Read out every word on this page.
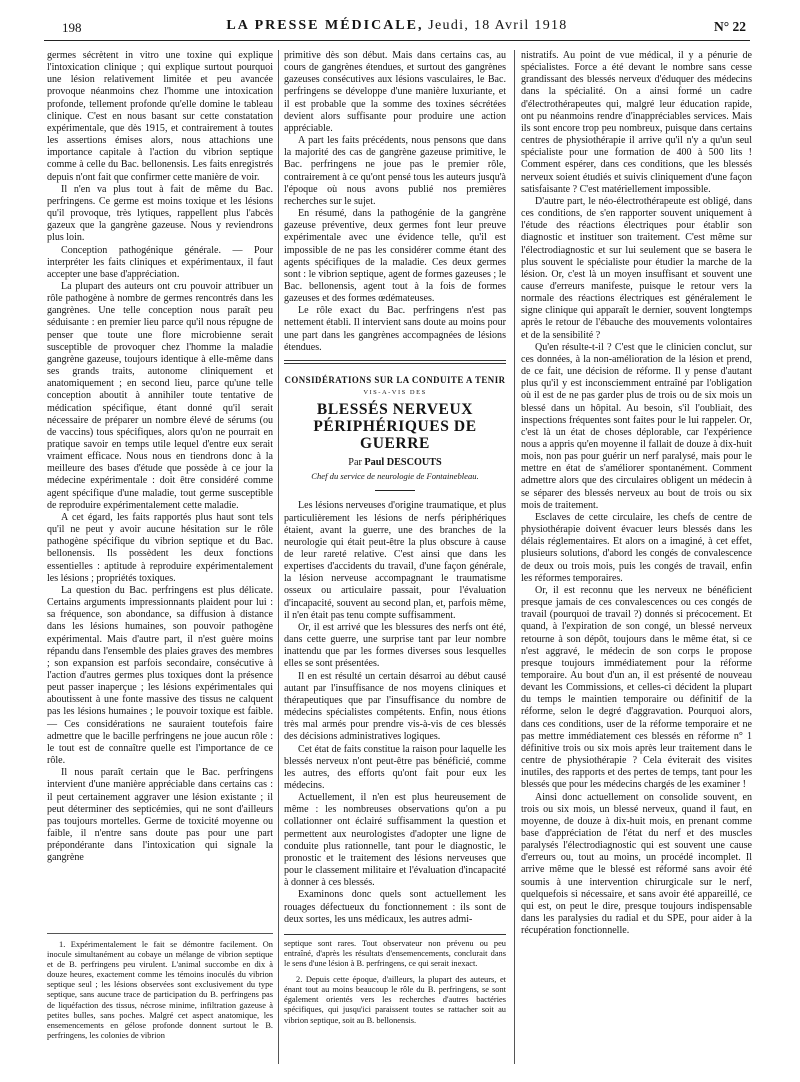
198	LA PRESSE MÉDICALE, Jeudi, 18 Avril 1918	N° 22

germes sécrètent in vitro une toxine qui explique l'intoxication clinique ; qui explique surtout pourquoi une lésion relativement limitée et peu avancée provoque néanmoins chez l'homme une intoxication profonde, tellement profonde qu'elle domine le tableau clinique. C'est en nous basant sur cette constatation expérimentale, que dès 1915, et contrairement à toutes les assertions émises alors, nous attachions une importance capitale à l'action du vibrion septique comme à celle du Bac. bellonensis. Les faits enregistrés depuis n'ont fait que confirmer cette manière de voir.

Il n'en va plus tout à fait de même du Bac. perfringens. Ce germe est moins toxique et les lésions qu'il provoque, très lytiques, rappellent plus l'abcès gazeux que la gangrène gazeuse. Nous y reviendrons plus loin.

Conception pathogénique générale. — Pour interpréter les faits cliniques et expérimentaux, il faut accepter une base d'appréciation.

La plupart des auteurs ont cru pouvoir attribuer un rôle pathogène à nombre de germes rencontrés dans les gangrènes. Une telle conception nous paraît peu séduisante : en premier lieu parce qu'il nous répugne de penser que toute une flore microbienne serait susceptible de provoquer chez l'homme la maladie gangrène gazeuse, toujours identique à elle-même dans ses grands traits, autonome cliniquement et anatomiquement ; en second lieu, parce qu'une telle conception aboutit à annihiler toute tentative de médication spécifique, étant donné qu'il serait nécessaire de préparer un nombre élevé de sérums (ou de vaccins) tous spécifiques, alors qu'on ne pourrait en pratique savoir en temps utile lequel d'entre eux serait vraiment efficace. Nous nous en tiendrons donc à la meilleure des bases d'étude que possède à ce jour la médecine expérimentale : doit être considéré comme agent spécifique d'une maladie, tout germe susceptible de reproduire expérimentalement cette maladie.

A cet égard, les faits rapportés plus haut sont tels qu'il ne peut y avoir aucune hésitation sur le rôle pathogène spécifique du vibrion septique et du Bac. bellonensis. Ils possèdent les deux fonctions essentielles : aptitude à reproduire expérimentalement les lésions ; propriétés toxiques.

La question du Bac. perfringens est plus délicate. Certains arguments impressionnants plaident pour lui : sa fréquence, son abondance, sa diffusion à distance dans les lésions humaines, son pouvoir pathogène expérimental. Mais d'autre part, il n'est guère moins répandu dans l'ensemble des plaies graves des membres ; son expansion est parfois secondaire, consécutive à l'action d'autres germes plus toxiques dont la présence peut passer inaperçue ; les lésions expérimentales qui aboutissent à une fonte massive des tissus ne calquent pas les lésions humaines ; le pouvoir toxique est faible. — Ces considérations ne sauraient toutefois faire admettre que le bacille perfringens ne joue aucun rôle : le tout est de connaître quelle est l'importance de ce rôle.

Il nous paraît certain que le Bac. perfringens intervient d'une manière appréciable dans certains cas : il peut certainement aggraver une lésion existante ; il peut déterminer des septicémies, qui ne sont d'ailleurs pas toujours mortelles. Germe de toxicité moyenne ou faible, il n'entre sans doute pas pour une part prépondérante dans l'intoxication qui signale la gangrène

1. Expérimentalement le fait se démontre facilement. On inocule simultanément au cobaye un mélange de vibrion septique et de B. perfringens peu virulent. L'animal succombe en dix à douze heures, exactement comme les témoins inoculés du vibrion septique seul ; les lésions observées sont exclusivement du type septique, sans aucune trace de participation du B. perfringens pas de liquéfaction des tissus, nécrose minime, infiltration gazeuse à petites bulles, sans poches. Malgré cet aspect anatomique, les ensemencements en gélose profonde donnent surtout le B. perfringens, les colonies de vibrion

primitive dès son début. Mais dans certains cas, au cours de gangrènes étendues, et surtout des gangrènes gazeuses consécutives aux lésions vasculaires, le Bac. perfringens se développe d'une manière luxuriante, et il est probable que la somme des toxines sécrétées devient alors suffisante pour produire une action appréciable.

A part les faits précédents, nous pensons que dans la majorité des cas de gangrène gazeuse primitive, le Bac. perfringens ne joue pas le premier rôle, contrairement à ce qu'ont pensé tous les auteurs jusqu'à l'époque où nous avons publié nos premières recherches sur le sujet.

En résumé, dans la pathogénie de la gangrène gazeuse préventive, deux germes font leur preuve expérimentale avec une évidence telle, qu'il est impossible de ne pas les considérer comme étant des agents spécifiques de la maladie. Ces deux germes sont : le vibrion septique, agent de formes gazeuses ; le Bac. bellonensis, agent tout à la fois de formes gazeuses et des formes œdémateuses.

Le rôle exact du Bac. perfringens n'est pas nettement établi. Il intervient sans doute au moins pour une part dans les gangrènes accompagnées de lésions étendues.

CONSIDÉRATIONS SUR LA CONDUITE A TENIR
VIS-A-VIS DES
BLESSÉS NERVEUX PÉRIPHÉRIQUES DE GUERRE
Par Paul DESCOUTS
Chef du service de neurologie de Fontainebleau.

Les lésions nerveuses d'origine traumatique, et plus particulièrement les lésions de nerfs périphériques étaient, avant la guerre, une des branches de la neurologie qui était peut-être la plus obscure à cause de leur rareté relative. C'est ainsi que dans les expertises d'accidents du travail, d'une façon générale, la lésion nerveuse accompagnant le traumatisme osseux ou articulaire passait, pour l'évaluation d'incapacité, souvent au second plan, et, parfois même, il n'en était pas tenu compte suffisamment.

Or, il est arrivé que les blessures des nerfs ont été, dans cette guerre, une surprise tant par leur nombre inattendu que par les formes diverses sous lesquelles elles se sont présentées.

Il en est résulté un certain désarroi au début causé autant par l'insuffisance de nos moyens cliniques et thérapeutiques que par l'insuffisance du nombre de médecins spécialistes compétents. Enfin, nous étions très mal armés pour prendre vis-à-vis de ces blessés des décisions administratives logiques.

Cet état de faits constitue la raison pour laquelle les blessés nerveux n'ont peut-être pas bénéficié, comme les autres, des efforts qu'ont fait pour eux les médecins.

Actuellement, il n'en est plus heureusement de même : les nombreuses observations qu'on a pu collationner ont éclairé suffisamment la question et permettent aux neurologistes d'adopter une ligne de conduite plus rationnelle, tant pour le diagnostic, le pronostic et le traitement des lésions nerveuses que pour le classement militaire et l'évaluation d'incapacité à donner à ces blessés.

Examinons donc quels sont actuellement les rouages défectueux du fonctionnement : ils sont de deux sortes, les uns médicaux, les autres admi-

septique sont rares. Tout observateur non prévenu ou peu entraîné, d'après les résultats d'ensemencements, conclurait dans le sens d'une lésion à B. perfringens, ce qui serait inexact.

2. Depuis cette époque, d'ailleurs, la plupart des auteurs, et énant tout au moins beaucoup le rôle du B. perfringens, se sont également orientés vers les recherches d'autres bactéries spécifiques, qui jusqu'ici paraissent toutes se rattacher soit au vibrion septique, soit au B. bellonensis.

nistratifs. Au point de vue médical, il y a pénurie de spécialistes. Force a été devant le nombre sans cesse grandissant des blessés nerveux d'éduquer des médecins dans la spécialité. On a ainsi formé un cadre d'électrothérapeutes qui, malgré leur éducation rapide, ont pu néanmoins rendre d'inappréciables services. Mais ils sont encore trop peu nombreux, puisque dans certains centres de physiothérapie il arrive qu'il n'y a qu'un seul spécialiste pour une formation de 400 à 500 lits ! Comment espérer, dans ces conditions, que les blessés nerveux soient étudiés et suivis cliniquement d'une façon satisfaisante ? C'est matériellement impossible.

D'autre part, le néo-électrothérapeute est obligé, dans ces conditions, de s'en rapporter souvent uniquement à l'étude des réactions électriques pour établir son diagnostic et instituer son traitement. C'est même sur l'électrodiagnostic et sur lui seulement que se basera le plus souvent le spécialiste pour étudier la marche de la lésion. Or, c'est là un moyen insuffisant et souvent une cause d'erreurs manifeste, puisque le retour vers la normale des réactions électriques est généralement le signe clinique qui apparaît le dernier, souvent longtemps après le retour de l'ébauche des mouvements volontaires et de la sensibilité ?

Qu'en résulte-t-il ? C'est que le clinicien conclut, sur ces données, à la non-amélioration de la lésion et prend, de ce fait, une décision de réforme. Il y pense d'autant plus qu'il y est inconsciemment entraîné par l'obligation où il est de ne pas garder plus de trois ou de six mois un blessé dans un hôpital. Au besoin, s'il l'oubliait, des inspections fréquentes sont faites pour le lui rappeler. Or, c'est là un état de choses déplorable, car l'expérience nous a appris qu'en moyenne il fallait de douze à dix-huit mois, non pas pour guérir un nerf paralysé, mais pour le mettre en état de s'améliorer spontanément. Comment admettre alors que des circulaires obligent un médecin à se séparer des blessés nerveux au bout de trois ou six mois de traitement.

Esclaves de cette circulaire, les chefs de centre de physiothérapie doivent évacuer leurs blessés dans les délais réglementaires. Et alors on a imaginé, à cet effet, plusieurs solutions, d'abord les congés de convalescence de deux ou trois mois, puis les congés de travail, enfin les réformes temporaires.

Or, il est reconnu que les nerveux ne bénéficient presque jamais de ces convalescences ou ces congés de travail (pourquoi de travail ?) donnés si précocement. Et quand, à l'expiration de son congé, un blessé nerveux retourne à son dépôt, toujours dans le même état, si ce n'est aggravé, le médecin de son corps le propose presque toujours immédiatement pour la réforme temporaire. Au bout d'un an, il est présenté de nouveau devant les Commissions, et celles-ci décident la plupart du temps le maintien temporaire ou définitif de la réforme, selon le degré d'aggravation. Pourquoi alors, dans ces conditions, user de la réforme temporaire et ne pas mettre immédiatement ces blessés en réforme n° 1 définitive trois ou six mois après leur traitement dans le centre de physiothérapie ? Cela éviterait des visites inutiles, des rapports et des pertes de temps, tant pour les blessés que pour les médecins chargés de les examiner !

Ainsi donc actuellement on consolide souvent, en trois ou six mois, un blessé nerveux, quand il faut, en moyenne, de douze à dix-huit mois, en prenant comme base d'appréciation de l'état du nerf et des muscles paralysés l'électrodiagnostic qui est souvent une cause d'erreurs ou, tout au moins, un procédé incomplet. Il arrive même que le blessé est réformé sans avoir été soumis à une intervention chirurgicale sur le nerf, quelquefois si nécessaire, et sans avoir été appareillé, ce qui est, on peut le dire, presque toujours indispensable dans les paralysies du radial et du SPE, pour aider à la récupération fonctionnelle.
